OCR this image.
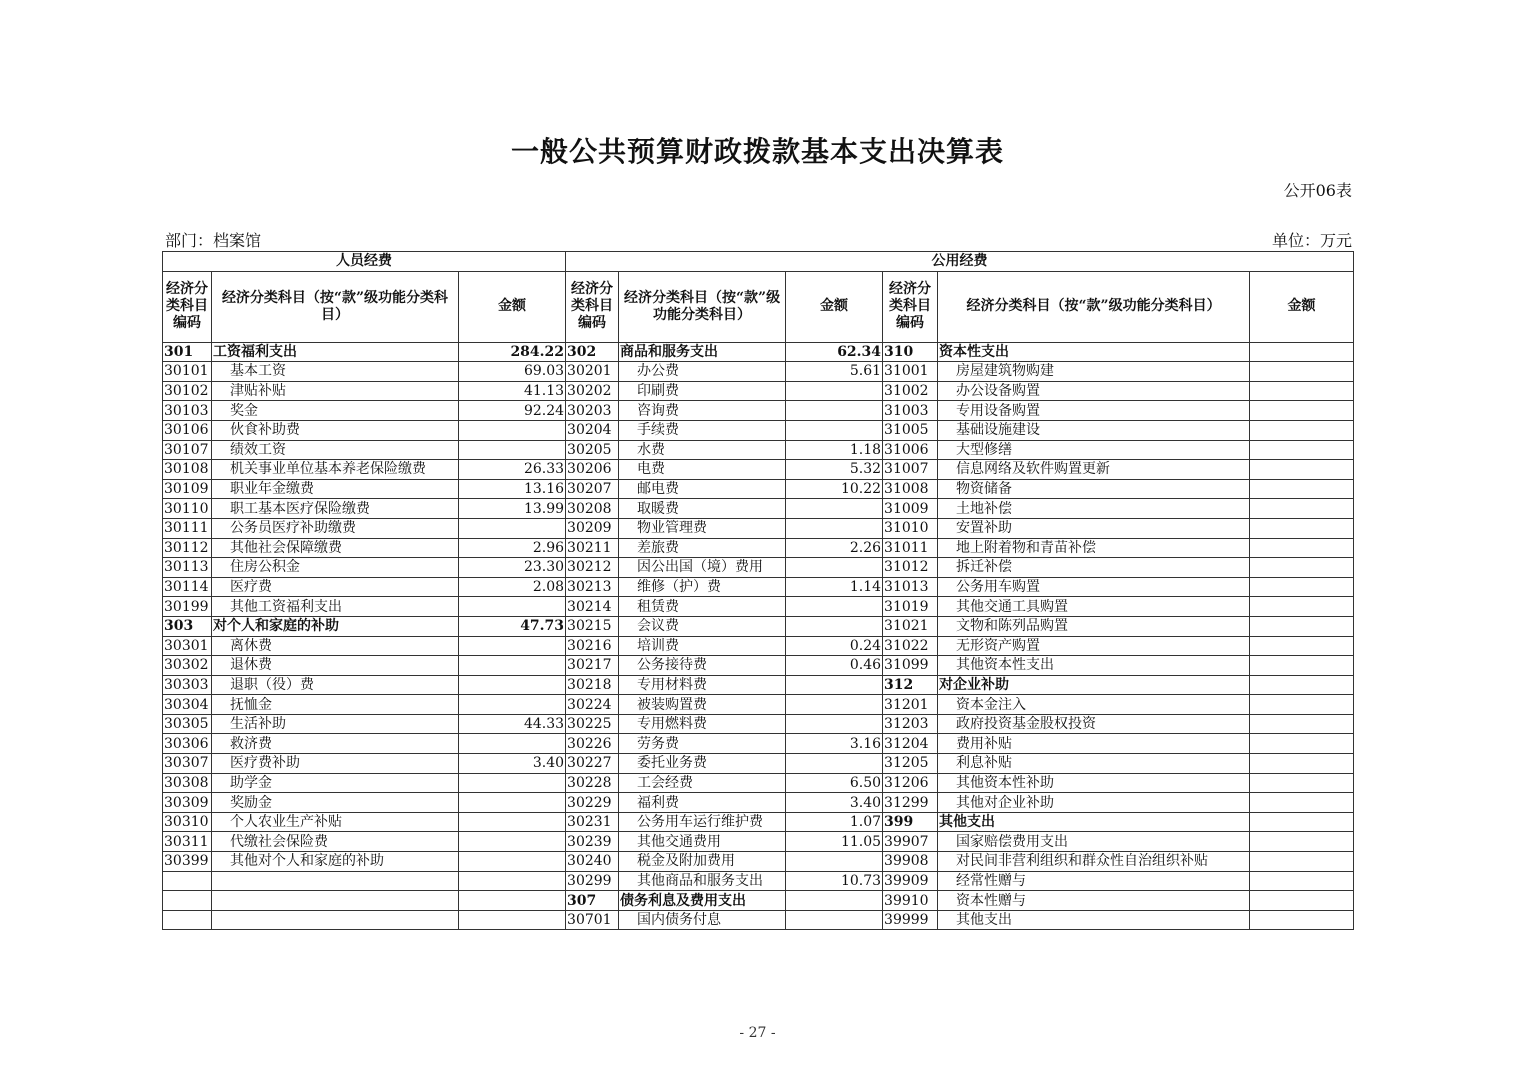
一般公共预算财政拨款基本支出决算表
公开06表
部门：档案馆	单位：万元
人员经费			公用经费					
经济分类科目编码	经济分类科目（按“款”级功能分类科目）	金额	经济分类科目编码	经济分类科目（按“款”级功能分类科目）	金额	经济分类科目编码	经济分类科目（按“款”级功能分类科目）	金额
301	工资福利支出	284.22	302	商品和服务支出	62.34	310	资本性支出	
30101	基本工资	69.03	30201	办公费	5.61	31001	房屋建筑物购建	
30102	津贴补贴	41.13	30202	印刷费		31002	办公设备购置	
30103	奖金	92.24	30203	咨询费		31003	专用设备购置	
30106	伙食补助费		30204	手续费		31005	基础设施建设	
30107	绩效工资		30205	水费	1.18	31006	大型修缮	
30108	机关事业单位基本养老保险缴费	26.33	30206	电费	5.32	31007	信息网络及软件购置更新	
30109	职业年金缴费	13.16	30207	邮电费	10.22	31008	物资储备	
30110	职工基本医疗保险缴费	13.99	30208	取暖费		31009	土地补偿	
30111	公务员医疗补助缴费		30209	物业管理费		31010	安置补助	
30112	其他社会保障缴费	2.96	30211	差旅费	2.26	31011	地上附着物和青苗补偿	
30113	住房公积金	23.30	30212	因公出国（境）费用		31012	拆迁补偿	
30114	医疗费	2.08	30213	维修（护）费	1.14	31013	公务用车购置	
30199	其他工资福利支出		30214	租赁费		31019	其他交通工具购置	
303	对个人和家庭的补助	47.73	30215	会议费		31021	文物和陈列品购置	
30301	离休费		30216	培训费	0.24	31022	无形资产购置	
30302	退休费		30217	公务接待费	0.46	31099	其他资本性支出	
30303	退职（役）费		30218	专用材料费		312	对企业补助	
30304	抚恤金		30224	被装购置费		31201	资本金注入	
30305	生活补助	44.33	30225	专用燃料费		31203	政府投资基金股权投资	
30306	救济费		30226	劳务费	3.16	31204	费用补贴	
30307	医疗费补助	3.40	30227	委托业务费		31205	利息补贴	
30308	助学金		30228	工会经费	6.50	31206	其他资本性补助	
30309	奖励金		30229	福利费	3.40	31299	其他对企业补助	
30310	个人农业生产补贴		30231	公务用车运行维护费	1.07	399	其他支出	
30311	代缴社会保险费		30239	其他交通费用	11.05	39907	国家赔偿费用支出	
30399	其他对个人和家庭的补助		30240	税金及附加费用		39908	对民间非营利组织和群众性自治组织补贴	
			30299	其他商品和服务支出	10.73	39909	经常性赠与	
			307	债务利息及费用支出		39910	资本性赠与	
			30701	国内债务付息		39999	其他支出	
- 27 -
